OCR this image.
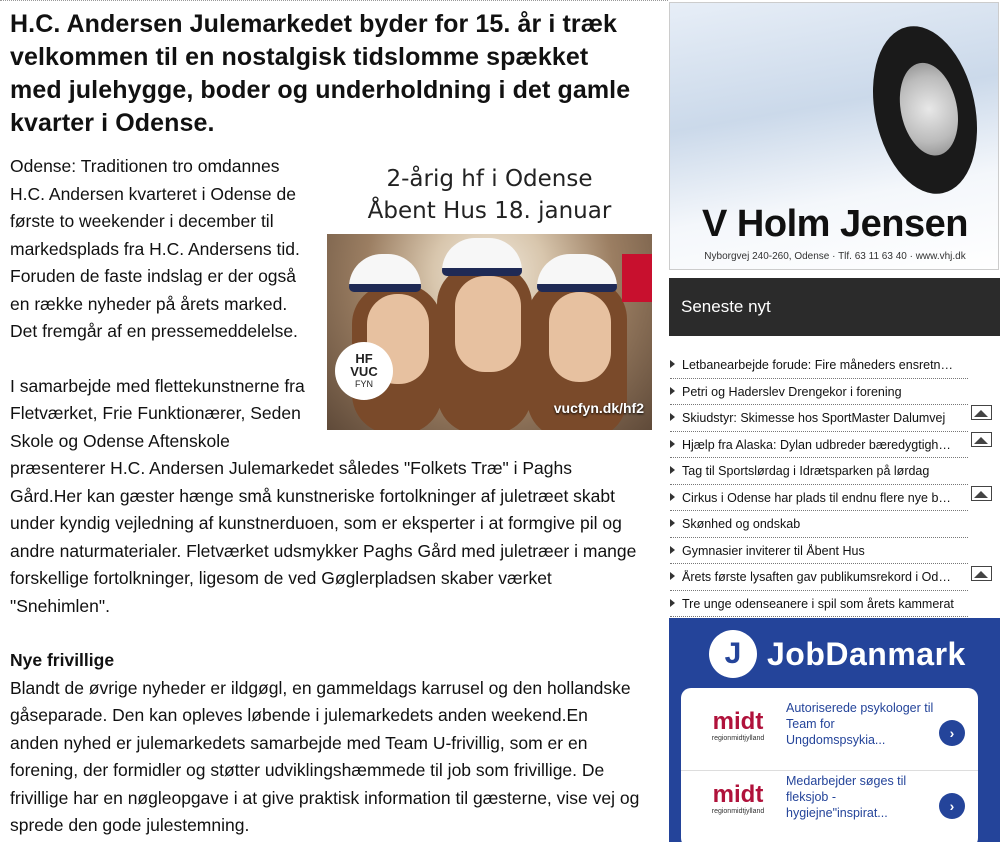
H.C. Andersen Julemarkedet byder for 15. år i træk velkommen til en nostalgisk tidslomme spækket med julehygge, boder og underholdning i det gamle kvarter i Odense.
2-årig hf i Odense
Åbent Hus 18. januar
HF
VUC
FYN
vucfyn.dk/hf2

Odense: Traditionen tro omdannes H.C. Andersen kvarteret i Odense de første to weekender i december til markedsplads fra H.C. Andersens tid. Foruden de faste indslag er der også en række nyheder på årets marked. Det fremgår af en pressemeddelelse.

I samarbejde med flettekunstnerne fra Fletværket, Frie Funktionærer, Seden Skole og Odense Aftenskole præsenterer H.C. Andersen Julemarkedet således "Folkets Træ" i Paghs Gård.Her kan gæster hænge små kunstneriske fortolkninger af juletræet skabt under kyndig vejledning af kunstnerduoen, som er eksperter i at formgive pil og andre naturmaterialer. Fletværket udsmykker Paghs Gård med juletræer i mange forskellige fortolkninger, ligesom de ved Gøglerpladsen skaber værket "Snehimlen".

Nye frivillige

Blandt de øvrige nyheder er ildgøgl, en gammeldags karrusel og den hollandske gåseparade. Den kan opleves løbende i julemarkedets anden weekend.En anden nyhed er julemarkedets samarbejde med Team U-frivillig, som er en forening, der formidler og støtter udviklingshæmmede til job som frivillige. De frivillige har en nøgleopgave i at give praktisk information til gæsterne, vise vej og sprede den gode julestemning.

V Holm Jensen
Nyborgvej 240-260, Odense · Tlf. 63 11 63 40 · www.vhj.dk
Seneste nyt
Letbanearbejde forude: Fire måneders ensretn…
Petri og Haderslev Drengekor i forening
Skiudstyr: Skimesse hos SportMaster Dalumvej
Hjælp fra Alaska: Dylan udbreder bæredygtigh…
Tag til Sportslørdag i Idrætsparken på lørdag
Cirkus i Odense har plads til endnu flere nye b…
Skønhed og ondskab
Gymnasier inviterer til Åbent Hus
Årets første lysaften gav publikumsrekord i Od…
Tre unge odenseanere i spil som årets kammerat
J JobDanmark
midt
regionmidtjylland
Autoriserede psykologer til Team for Ungdomspsykia...	›
midt
regionmidtjylland
Medarbejder søges til fleksjob - hygiejne"inspirat...	›
